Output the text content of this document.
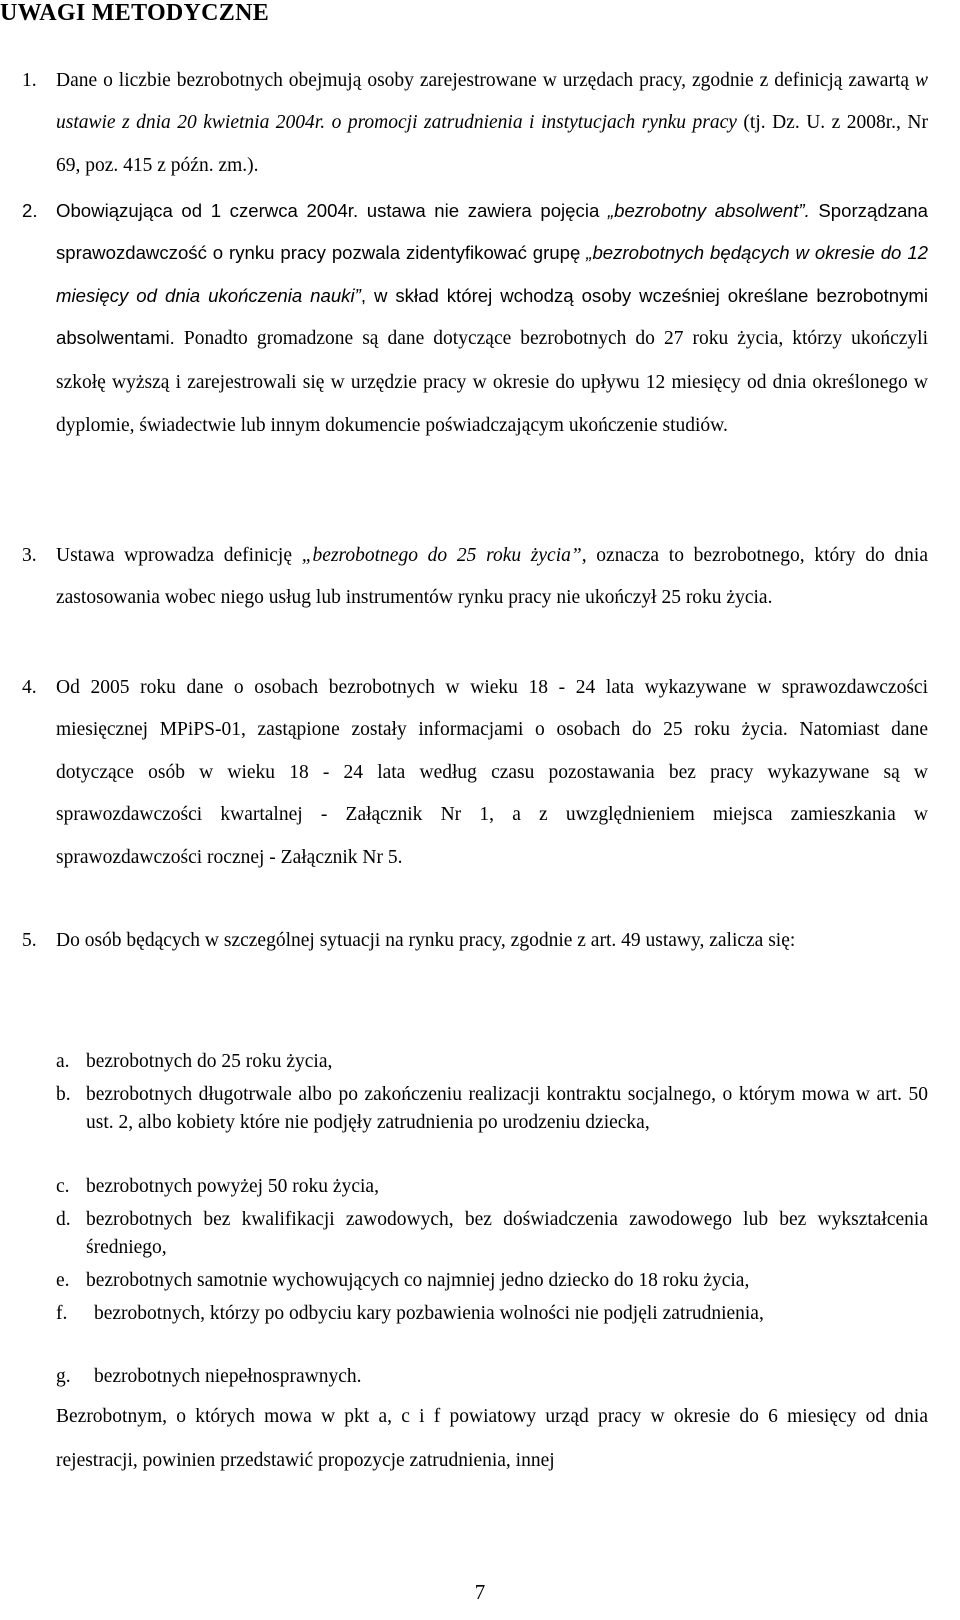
UWAGI METODYCZNE
1. Dane o liczbie bezrobotnych obejmują osoby zarejestrowane w urzędach pracy, zgodnie z definicją zawartą w ustawie z dnia 20 kwietnia 2004r. o promocji zatrudnienia i instytucjach rynku pracy (tj. Dz. U. z 2008r., Nr 69, poz. 415 z późn. zm.).
2. Obowiązująca od 1 czerwca 2004r. ustawa nie zawiera pojęcia „bezrobotny absolwent”. Sporządzana sprawozdawczość o rynku pracy pozwala zidentyfikować grupę „bezrobotnych będących w okresie do 12 miesięcy od dnia ukończenia nauki”, w skład której wchodzą osoby wcześniej określane bezrobotnymi absolwentami. Ponadto gromadzone są dane dotyczące bezrobotnych do 27 roku życia, którzy ukończyli szkołę wyższą i zarejestrowali się w urzędzie pracy w okresie do upływu 12 miesięcy od dnia określonego w dyplomie, świadectwie lub innym dokumencie poświadczającym ukończenie studiów.
3. Ustawa wprowadza definicję „bezrobotnego do 25 roku życia”, oznacza to bezrobotnego, który do dnia zastosowania wobec niego usług lub instrumentów rynku pracy nie ukończył 25 roku życia.
4. Od 2005 roku dane o osobach bezrobotnych w wieku 18 - 24 lata wykazywane w sprawozdawczości miesięcznej MPiPS-01, zastąpione zostały informacjami o osobach do 25 roku życia. Natomiast dane dotyczące osób w wieku 18 - 24 lata według czasu pozostawania bez pracy wykazywane są w sprawozdawczości kwartalnej - Załącznik Nr 1, a z uwzględnieniem miejsca zamieszkania w sprawozdawczości rocznej - Załącznik Nr 5.
5. Do osób będących w szczególnej sytuacji na rynku pracy, zgodnie z art. 49 ustawy, zalicza się:
a. bezrobotnych do 25 roku życia,
b. bezrobotnych długotrwale albo po zakończeniu realizacji kontraktu socjalnego, o którym mowa w art. 50 ust. 2, albo kobiety które nie podjęły zatrudnienia po urodzeniu dziecka,
c. bezrobotnych powyżej 50 roku życia,
d. bezrobotnych bez kwalifikacji zawodowych, bez doświadczenia zawodowego lub bez wykształcenia średniego,
e. bezrobotnych samotnie wychowujących co najmniej jedno dziecko do 18 roku życia,
f. bezrobotnych, którzy po odbyciu kary pozbawienia wolności nie podjęli zatrudnienia,
g. bezrobotnych niepełnosprawnych.
Bezrobotnym, o których mowa w pkt a, c i f powiatowy urząd pracy w okresie do 6 miesięcy od dnia rejestracji, powinien przedstawić propozycje zatrudnienia, innej
7
